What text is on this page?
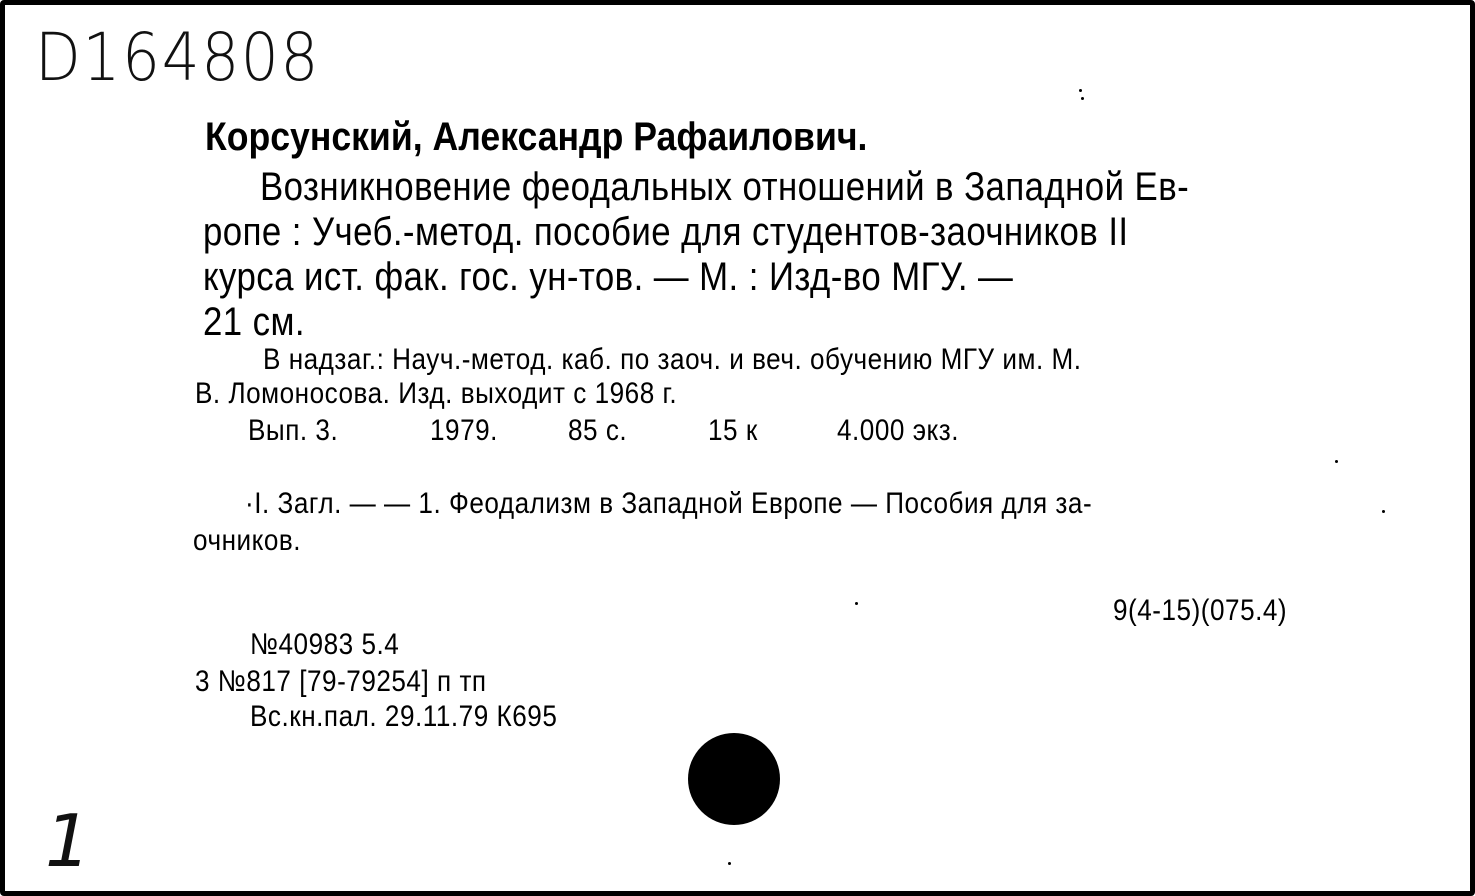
D164808
Корсунский, Александр Рафаилович.
Возникновение феодальных отношений в Западной Ев-
ропе : Учеб.-метод. пособие для студентов-заочников II
курса ист. фак. гос. ун-тов. — М. : Изд-во МГУ. —
21 см.
В надзаг.: Науч.-метод. каб. по заоч. и веч. обучению МГУ им. М.
В. Ломоносова. Изд. выходит с 1968 г.
Вып. 3.	1979. 85 с.	15 к	4.000 экз.
·I. Загл. — — 1. Феодализм в Западной Европе — Пособия для за-
очников.
9(4-15)(075.4)
№40983 5.4
3 №817 [79-79254] п тп
Вс.кн.пал. 29.11.79 К695
1
